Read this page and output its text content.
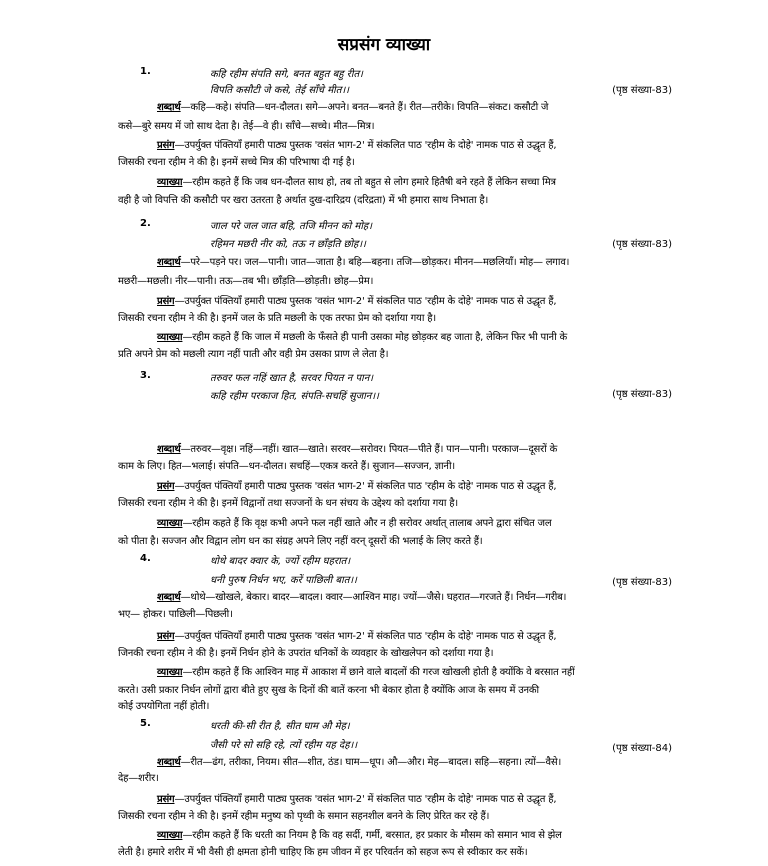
सप्रसंग व्याख्या
1.	कहि रहीम संपति सगे, बनत बहुत बहु रीत।
विपति कसौटी जे कसे, तेई साँचे मीत।।	(पृष्ठ संख्या-83)
शब्दार्थ—कहि—कहे। संपति—धन-दौलत। सगे—अपने। बनत—बनते हैं। रीत—तरीके। विपति—संकट। कसौटी जे
कसे—बुरे समय में जो साथ देता है। तेई—वे ही। साँचे—सच्चे। मीत—मित्र।
प्रसंग—उपर्युक्त पंक्तियाँ हमारी पाठ्य पुस्तक 'वसंत भाग-2' में संकलित पाठ 'रहीम के दोहे' नामक पाठ से उद्धृत हैं,
जिसकी रचना रहीम ने की है। इनमें सच्चे मित्र की परिभाषा दी गई है।
व्याख्या—रहीम कहते हैं कि जब धन-दौलत साथ हो, तब तो बहुत से लोग हमारे हितैषी बने रहते हैं लेकिन सच्चा मित्र
वही है जो विपत्ति की कसौटी पर खरा उतरता है अर्थात दुख-दारिद्रय (दरिद्रता) में भी हमारा साथ निभाता है।
2.	जाल परे जल जात बहि, तजि मीनन को मोह।
रहिमन मछरी नीर को, तऊ न छाँड़ति छोह।।	(पृष्ठ संख्या-83)
शब्दार्थ—परे—पड़ने पर। जल—पानी। जात—जाता है। बहि—बहना। तजि—छोड़कर। मीनन—मछलियाँ। मोह— लगाव।
मछरी—मछली। नीर—पानी। तऊ—तब भी। छाँड़ति—छोड़ती। छोह—प्रेम।
प्रसंग—उपर्युक्त पंक्तियाँ हमारी पाठ्य पुस्तक 'वसंत भाग-2' में संकलित पाठ 'रहीम के दोहे' नामक पाठ से उद्धृत हैं,
जिसकी रचना रहीम ने की है। इनमें जल के प्रति मछली के एक तरफा प्रेम को दर्शाया गया है।
व्याख्या—रहीम कहते हैं कि जाल में मछली के फँसते ही पानी उसका मोह छोड़कर बह जाता है, लेकिन फिर भी पानी के
प्रति अपने प्रेम को मछली त्याग नहीं पाती और वही प्रेम उसका प्राण ले लेता है।
3.	तरुवर फल नहिं खात है, सरवर पियत न पान।
कहि रहीम परकाज हित, संपति-सचहिं सुजान।।	(पृष्ठ संख्या-83)
शब्दार्थ—तरुवर—वृक्ष। नहिं—नहीं। खात—खाते। सरवर—सरोवर। पियत—पीते हैं। पान—पानी। परकाज—दूसरों के
काम के लिए। हित—भलाई। संपति—धन-दौलत। सचहिं—एकत्र करते हैं। सुजान—सज्जन, ज्ञानी।
प्रसंग—उपर्युक्त पंक्तियाँ हमारी पाठ्य पुस्तक 'वसंत भाग-2' में संकलित पाठ 'रहीम के दोहे' नामक पाठ से उद्धृत हैं,
जिसकी रचना रहीम ने की है। इनमें विद्वानों तथा सज्जनों के धन संचय के उद्देश्य को दर्शाया गया है।
व्याख्या—रहीम कहते हैं कि वृक्ष कभी अपने फल नहीं खाते और न ही सरोवर अर्थात् तालाब अपने द्वारा संचित जल
को पीता है। सज्जन और विद्वान लोग धन का संग्रह अपने लिए नहीं वरन् दूसरों की भलाई के लिए करते हैं।
4.	थोथे बादर क्वार के, ज्यों रहीम घहरात।
धनी पुरुष निर्धन भए, करें पाछिली बात।।	(पृष्ठ संख्या-83)
शब्दार्थ—थोथे—खोखले, बेकार। बादर—बादल। क्वार—आश्विन माह। ज्यों—जैसे। घहरात—गरजते हैं। निर्धन—गरीब।
भए— होकर। पाछिली—पिछली।
प्रसंग—उपर्युक्त पंक्तियाँ हमारी पाठ्य पुस्तक 'वसंत भाग-2' में संकलित पाठ 'रहीम के दोहे' नामक पाठ से उद्धृत हैं,
जिनकी रचना रहीम ने की है। इनमें निर्धन होने के उपरांत धनिकों के व्यवहार के खोखलेपन को दर्शाया गया है।
व्याख्या—रहीम कहते हैं कि आश्विन माह में आकाश में छाने वाले बादलों की गरज खोखली होती है क्योंकि वे बरसात नहीं
करते। उसी प्रकार निर्धन लोगों द्वारा बीते हुए सुख के दिनों की बातें करना भी बेकार होता है क्योंकि आज के समय में उनकी
कोई उपयोगिता नहीं होती।
5.	धरती की-सी रीत है, सीत घाम औ मेह।
जैसी परे सो सहि रहे, त्यों रहीम यह देह।।	(पृष्ठ संख्या-84)
शब्दार्थ—रीत—ढंग, तरीका, नियम। सीत—शीत, ठंड। घाम—धूप। औ—और। मेह—बादल। सहि—सहना। त्यों—वैसे।
देह—शरीर।
प्रसंग—उपर्युक्त पंक्तियाँ हमारी पाठ्य पुस्तक 'वसंत भाग-2' में संकलित पाठ 'रहीम के दोहे' नामक पाठ से उद्धृत हैं,
जिसकी रचना रहीम ने की है। इनमें रहीम मनुष्य को पृथ्वी के समान सहनशील बनने के लिए प्रेरित कर रहे हैं।
व्याख्या—रहीम कहते हैं कि धरती का नियम है कि वह सर्दी, गर्मी, बरसात, हर प्रकार के मौसम को समान भाव से झेल
लेती है। हमारे शरीर में भी वैसी ही क्षमता होनी चाहिए कि हम जीवन में हर परिवर्तन को सहज रूप से स्वीकार कर सकें।
